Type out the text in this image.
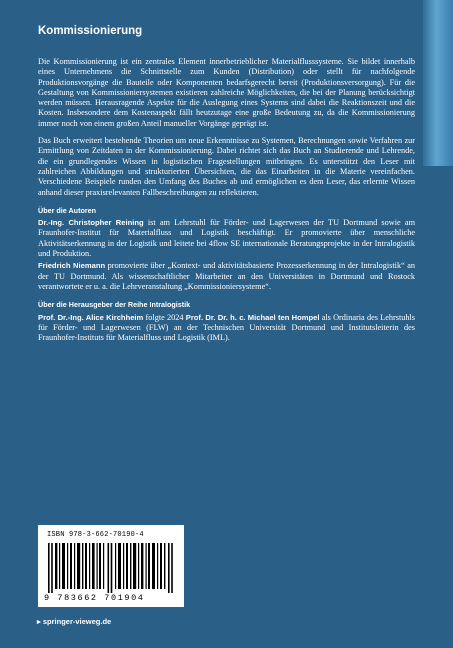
Kommissionierung

Die Kommissionierung ist ein zentrales Element innerbetrieblicher Materialflusssysteme. Sie bildet innerhalb eines Unternehmens die Schnittstelle zum Kunden (Distribution) oder stellt für nachfolgende Produktionsvorgänge die Bauteile oder Komponenten bedarfsgerecht bereit (Produktionsversorgung). Für die Gestaltung von Kommissioniersystemen existieren zahlreiche Möglichkeiten, die bei der Planung berücksichtigt werden müssen. Herausragende Aspekte für die Auslegung eines Systems sind dabei die Reaktionszeit und die Kosten. Insbesondere dem Kostenaspekt fällt heutzutage eine große Bedeutung zu, da die Kommissionierung immer noch von einem großen Anteil manueller Vorgänge geprägt ist.

Das Buch erweitert bestehende Theorien um neue Erkenntnisse zu Systemen, Berechnungen sowie Verfahren zur Ermittlung von Zeitdaten in der Kommissionierung. Dabei richtet sich das Buch an Studierende und Lehrende, die ein grundlegendes Wissen in logistischen Fragestellungen mitbringen. Es unterstützt den Leser mit zahlreichen Abbildungen und strukturierten Übersichten, die das Einarbeiten in die Materie vereinfachen. Verschiedene Beispiele runden den Umfang des Buches ab und ermöglichen es dem Leser, das erlernte Wissen anhand dieser praxisrelevanten Fallbeschreibungen zu reflektieren.

Über die Autoren

Dr.-Ing. Christopher Reining ist am Lehrstuhl für Förder- und Lagerwesen der TU Dortmund sowie am Fraunhofer-Institut für Materialfluss und Logistik beschäftigt. Er promovierte über menschliche Aktivitätserkennung in der Logistik und leitete bei 4flow SE internationale Beratungsprojekte in der Intralogistik und Produktion.

Friedrich Niemann promovierte über „Kontext- und aktivitätsbasierte Prozesserkennung in der Intralogistik“ an der TU Dortmund. Als wissenschaftlicher Mitarbeiter an den Universitäten in Dortmund und Rostock verantwortete er u. a. die Lehrveranstaltung „Kommissioniersysteme“.

Über die Herausgeber der Reihe Intralogistik

Prof. Dr.-Ing. Alice Kirchheim folgte 2024 Prof. Dr. Dr. h. c. Michael ten Hompel als Ordinaria des Lehrstuhls für Förder- und Lagerwesen (FLW) an der Technischen Universität Dortmund und Institutsleiterin des Fraunhofer-Instituts für Materialfluss und Logistik (IML).

ISBN 978-3-662-70190-4
9 783662 701904
▸ springer-vieweg.de
